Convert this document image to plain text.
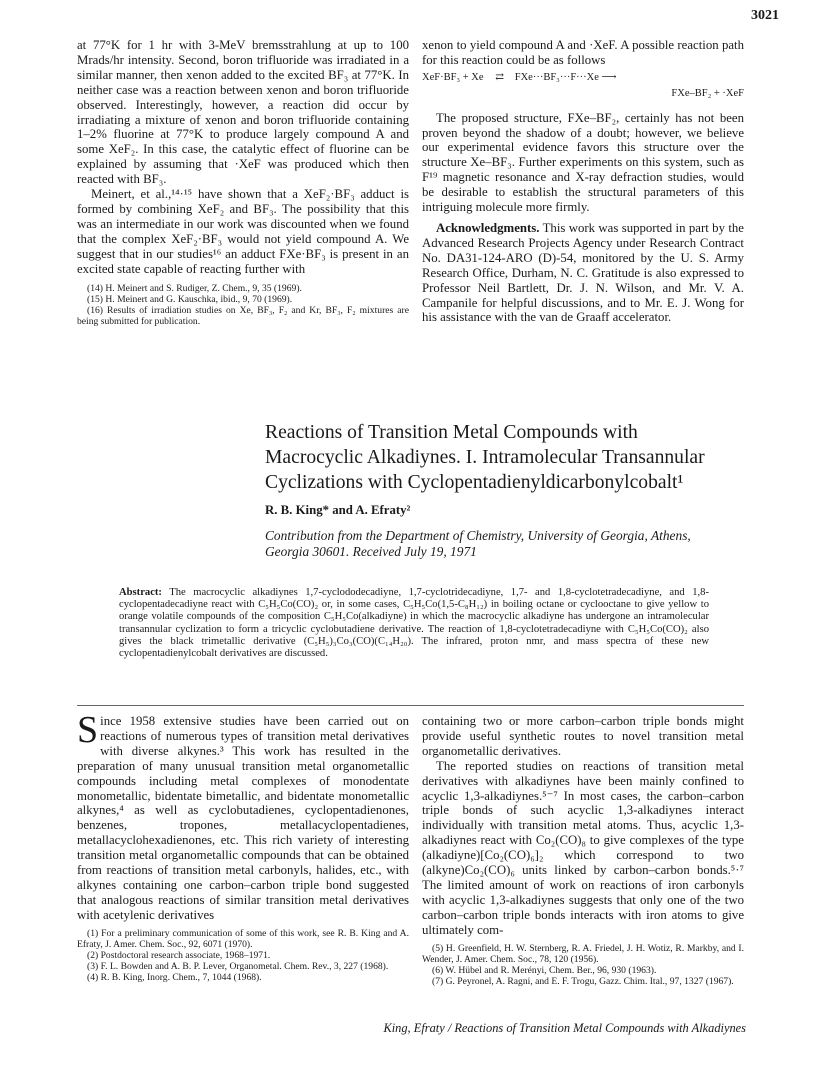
3021

at 77°K for 1 hr with 3-MeV bremsstrahlung at up to 100 Mrads/hr intensity. Second, boron trifluoride was irradiated in a similar manner, then xenon added to the excited BF₃ at 77°K. In neither case was a reaction between xenon and boron trifluoride observed. Interestingly, however, a reaction did occur by irradiating a mixture of xenon and boron trifluoride containing 1–2% fluorine at 77°K to produce largely compound A and some XeF₂. In this case, the catalytic effect of fluorine can be explained by assuming that ·XeF was produced which then reacted with BF₃.

Meinert, et al.,¹⁴·¹⁵ have shown that a XeF₂·BF₃ adduct is formed by combining XeF₂ and BF₃. The possibility that this was an intermediate in our work was discounted when we found that the complex XeF₂·BF₃ would not yield compound A. We suggest that in our studies¹⁶ an adduct FXe·BF₃ is present in an excited state capable of reacting further with

(14) H. Meinert and S. Rudiger, Z. Chem., 9, 35 (1969).
(15) H. Meinert and G. Kauschka, ibid., 9, 70 (1969).
(16) Results of irradiation studies on Xe, BF₃, F₂ and Kr, BF₃, F₂ mixtures are being submitted for publication.

xenon to yield compound A and ·XeF. A possible reaction path for this reaction could be as follows

XeF·BF₃ + Xe ⇄ FXe···BF₃···F···Xe ⟶
FXe–BF₂ + ·XeF

The proposed structure, FXe–BF₂, certainly has not been proven beyond the shadow of a doubt; however, we believe our experimental evidence favors this structure over the structure Xe–BF₃. Further experiments on this system, such as F¹⁹ magnetic resonance and X-ray defraction studies, would be desirable to establish the structural parameters of this intriguing molecule more firmly.

Acknowledgments. This work was supported in part by the Advanced Research Projects Agency under Research Contract No. DA31-124-ARO (D)-54, monitored by the U. S. Army Research Office, Durham, N. C. Gratitude is also expressed to Professor Neil Bartlett, Dr. J. N. Wilson, and Mr. V. A. Campanile for helpful discussions, and to Mr. E. J. Wong for his assistance with the van de Graaff accelerator.

Reactions of Transition Metal Compounds with Macrocyclic Alkadiynes. I. Intramolecular Transannular Cyclizations with Cyclopentadienyldicarbonylcobalt¹
R. B. King* and A. Efraty²
Contribution from the Department of Chemistry, University of Georgia, Athens, Georgia 30601. Received July 19, 1971
Abstract: The macrocyclic alkadiynes 1,7-cyclododecadiyne, 1,7-cyclotridecadiyne, 1,7- and 1,8-cyclotetradecadiyne, and 1,8-cyclopentadecadiyne react with C₅H₅Co(CO)₂ or, in some cases, C₅H₅Co(1,5-C₈H₁₂) in boiling octane or cyclooctane to give yellow to orange volatile compounds of the composition C₅H₅Co(alkadiyne) in which the macrocyclic alkadiyne has undergone an intramolecular transannular cyclization to form a tricyclic cyclobutadiene derivative. The reaction of 1,8-cyclotetradecadiyne with C₅H₅Co(CO)₂ also gives the black trimetallic derivative (C₅H₅)₃Co₃(CO)(C₁₄H₂₀). The infrared, proton nmr, and mass spectra of these new cyclopentadienylcobalt derivatives are discussed.

Since 1958 extensive studies have been carried out on reactions of numerous types of transition metal derivatives with diverse alkynes.³ This work has resulted in the preparation of many unusual transition metal organometallic compounds including metal complexes of monodentate monometallic, bidentate bimetallic, and bidentate monometallic alkynes,⁴ as well as cyclobutadienes, cyclopentadienones, benzenes, tropones, metallacyclopentadienes, metallacyclohexadienones, etc. This rich variety of interesting transition metal organometallic compounds that can be obtained from reactions of transition metal carbonyls, halides, etc., with alkynes containing one carbon–carbon triple bond suggested that analogous reactions of similar transition metal derivatives with acetylenic derivatives

(1) For a preliminary communication of some of this work, see R. B. King and A. Efraty, J. Amer. Chem. Soc., 92, 6071 (1970).
(2) Postdoctoral research associate, 1968–1971.
(3) F. L. Bowden and A. B. P. Lever, Organometal. Chem. Rev., 3, 227 (1968).
(4) R. B. King, Inorg. Chem., 7, 1044 (1968).

containing two or more carbon–carbon triple bonds might provide useful synthetic routes to novel transition metal organometallic derivatives.

The reported studies on reactions of transition metal derivatives with alkadiynes have been mainly confined to acyclic 1,3-alkadiynes.⁵⁻⁷ In most cases, the carbon–carbon triple bonds of such acyclic 1,3-alkadiynes interact individually with transition metal atoms. Thus, acyclic 1,3-alkadiynes react with Co₂(CO)₈ to give complexes of the type (alkadiyne)[Co₂(CO)₆]₂ which correspond to two (alkyne)Co₂(CO)₆ units linked by carbon–carbon bonds.⁵·⁷ The limited amount of work on reactions of iron carbonyls with acyclic 1,3-alkadiynes suggests that only one of the two carbon–carbon triple bonds interacts with iron atoms to give ultimately com-

(5) H. Greenfield, H. W. Sternberg, R. A. Friedel, J. H. Wotiz, R. Markby, and I. Wender, J. Amer. Chem. Soc., 78, 120 (1956).
(6) W. Hübel and R. Merényi, Chem. Ber., 96, 930 (1963).
(7) G. Peyronel, A. Ragni, and E. F. Trogu, Gazz. Chim. Ital., 97, 1327 (1967).
King, Efraty / Reactions of Transition Metal Compounds with Alkadiynes
